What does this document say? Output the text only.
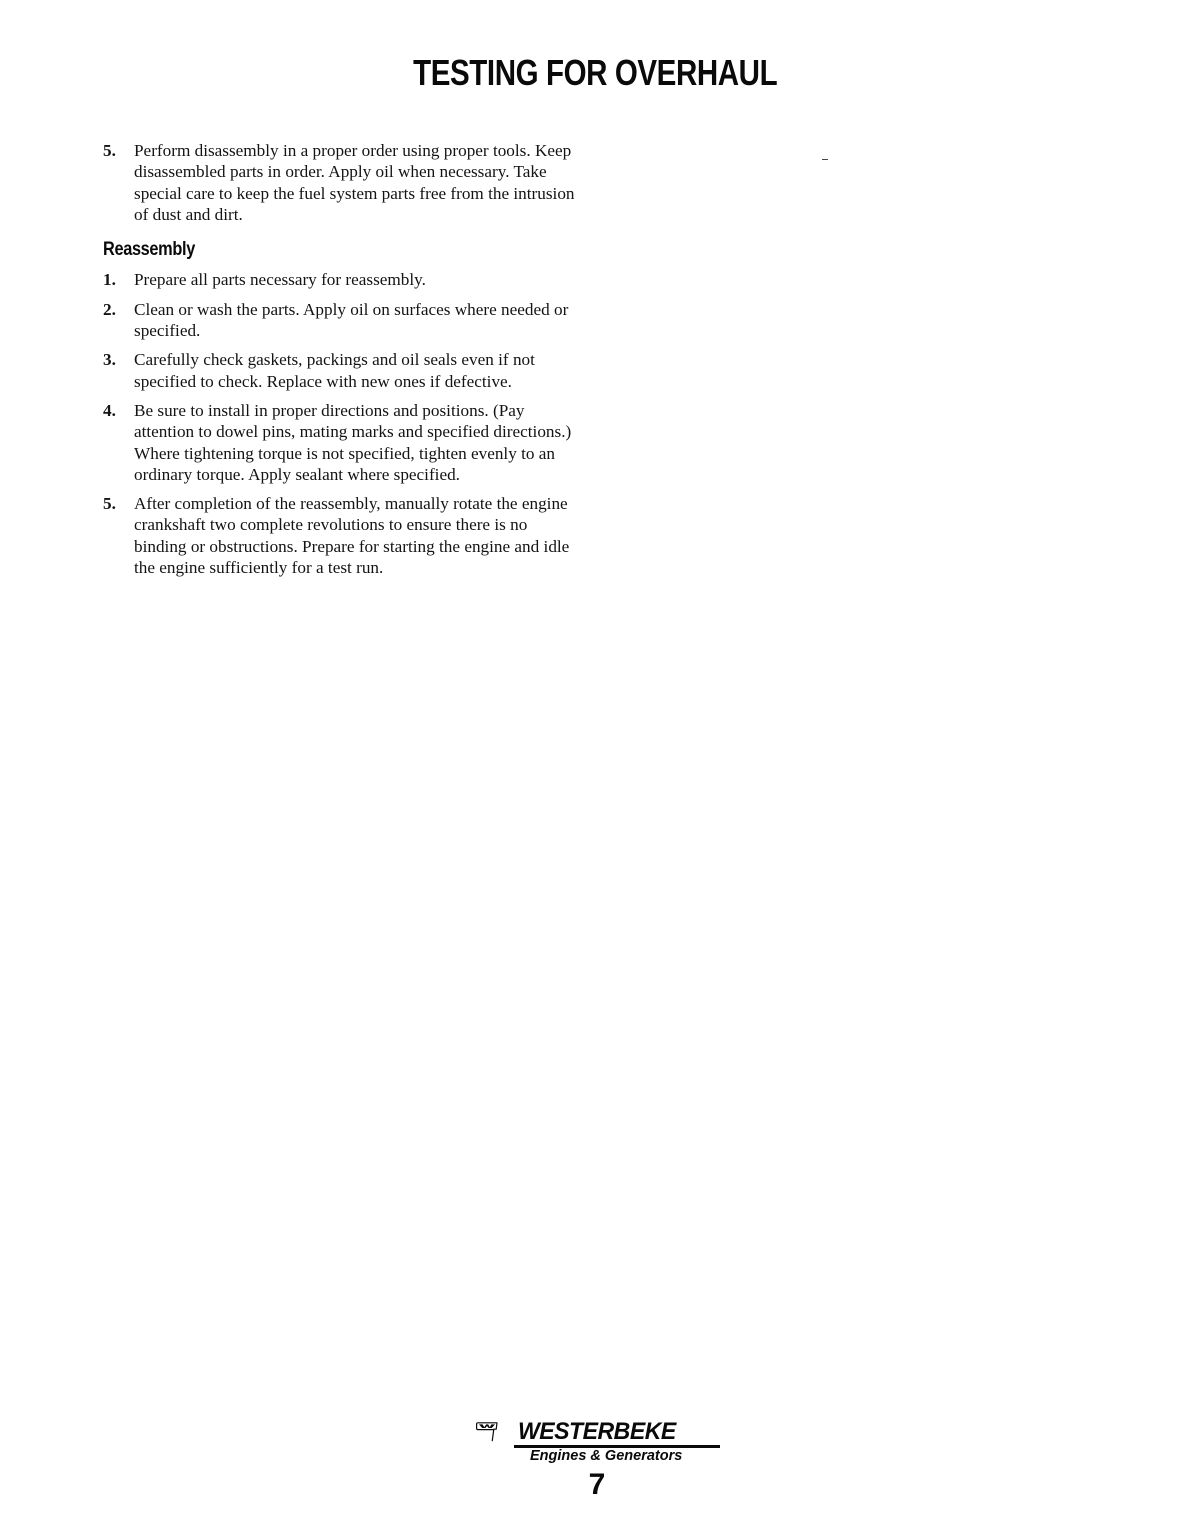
TESTING FOR OVERHAUL
5.	Perform disassembly in a proper order using proper tools. Keep disassembled parts in order. Apply oil when necessary. Take special care to keep the fuel system parts free from the intrusion of dust and dirt.
Reassembly
1.	Prepare all parts necessary for reassembly.
2.	Clean or wash the parts. Apply oil on surfaces where needed or specified.
3.	Carefully check gaskets, packings and oil seals even if not specified to check. Replace with new ones if defective.
4.	Be sure to install in proper directions and positions. (Pay attention to dowel pins, mating marks and specified directions.) Where tightening torque is not specified, tighten evenly to an ordinary torque. Apply sealant where specified.
5.	After completion of the reassembly, manually rotate the engine crankshaft two complete revolutions to ensure there is no binding or obstructions. Prepare for starting the engine and idle the engine sufficiently for a test run.
WESTERBEKE
Engines & Generators
7
